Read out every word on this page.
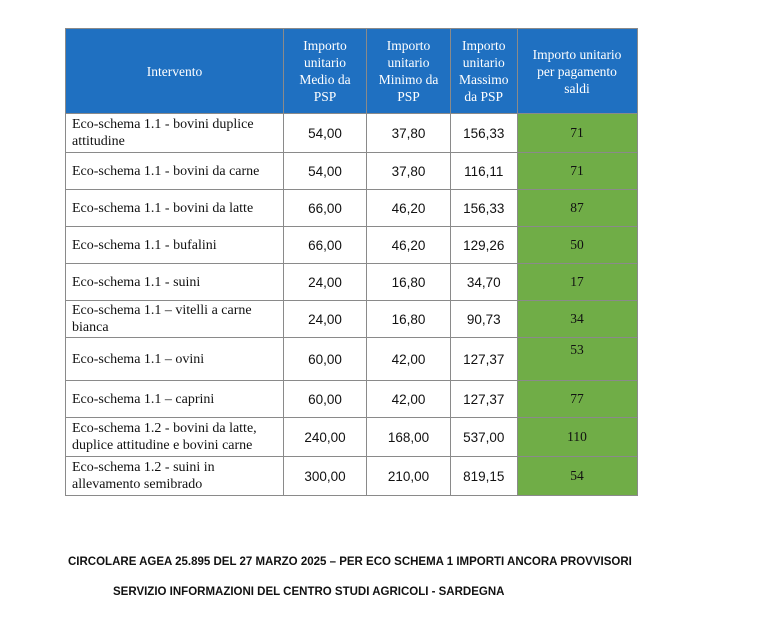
Intervento	Importo unitario Medio da PSP	Importo unitario Minimo da PSP	Importo unitario Massimo da PSP	Importo unitario per pagamento saldi
Eco-schema 1.1 - bovini duplice attitudine	54,00	37,80	156,33	71
Eco-schema 1.1 - bovini da carne	54,00	37,80	116,11	71
Eco-schema 1.1 - bovini da latte	66,00	46,20	156,33	87
Eco-schema 1.1 - bufalini	66,00	46,20	129,26	50
Eco-schema 1.1 - suini	24,00	16,80	34,70	17
Eco-schema 1.1 – vitelli a carne bianca	24,00	16,80	90,73	34
Eco-schema 1.1 – ovini	60,00	42,00	127,37	53
Eco-schema 1.1 – caprini	60,00	42,00	127,37	77
Eco-schema 1.2 - bovini da latte, duplice attitudine e bovini carne	240,00	168,00	537,00	110
Eco-schema 1.2 - suini in allevamento semibrado	300,00	210,00	819,15	54
CIRCOLARE AGEA 25.895 DEL 27 MARZO 2025 – PER ECO SCHEMA 1 IMPORTI ANCORA PROVVISORI
SERVIZIO INFORMAZIONI DEL CENTRO STUDI AGRICOLI - SARDEGNA
